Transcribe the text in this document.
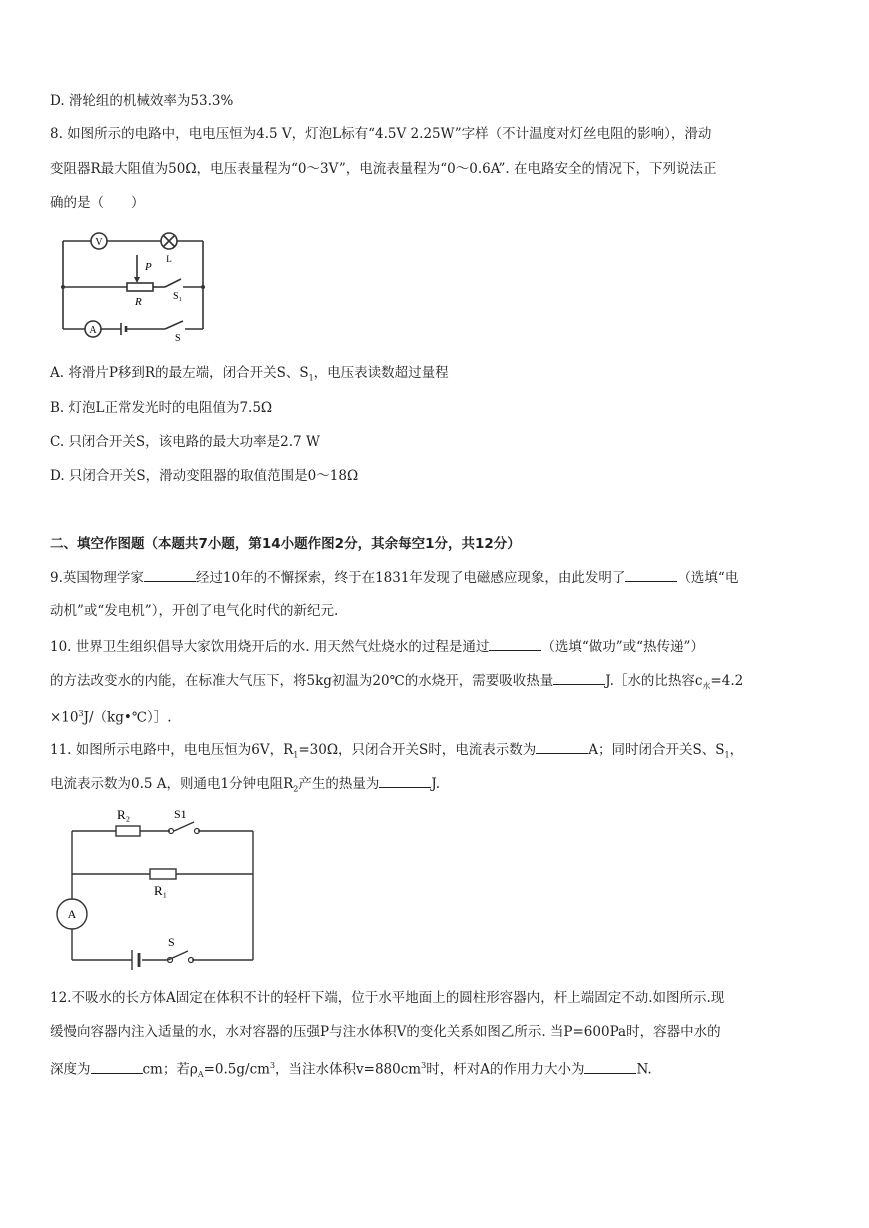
D. 滑轮组的机械效率为53.3%
8. 如图所示的电路中，电电压恒为4.5 V，灯泡L标有“4.5V 2.25W”字样（不计温度对灯丝电阻的影响），滑动
变阻器R最大阻值为50Ω，电压表量程为“0～3V”，电流表量程为“0～0.6A”. 在电路安全的情况下，下列说法正
确的是（　　）
V
L
P
R	S₁
A
S
A. 将滑片P移到R的最左端，闭合开关S、$S_1$，电压表读数超过量程
B. 灯泡L正常发光时的电阻值为7.5Ω
C. 只闭合开关S，该电路的最大功率是2.7 W
D. 只闭合开关S，滑动变阻器的取值范围是0～18Ω
二、填空作图题（本题共7小题，第14小题作图2分，其余每空1分，共12分）
9.英国物理学家	经过10年的不懈探索，终于在1831年发现了电磁感应现象，由此发明了	（选填“电
动机”或“发电机”），开创了电气化时代的新纪元.
10. 世界卫生组织倡导大家饮用烧开后的水. 用天然气灶烧水的过程是通过	（选填“做功”或“热传递”）
的方法改变水的内能，在标准大气压下，将5kg初温为20℃的水烧开，需要吸收热量	J.［水的比热容$c_水=4.2$
$\times 10^3J/(kg•℃)]$.
11. 如图所示电路中，电电压恒为6V，$R_1=30\Omega$，只闭合开关S时，电流表示数为	A；同时闭合开关S、$S_1$，
电流表示数为0.5 A，则通电1分钟电阻$R_2$产生的热量为	J.
R₂	S1
R₁
A
S
12.不吸水的长方体A固定在体积不计的轻杆下端，位于水平地面上的圆柱形容器内，杆上端固定不动.如图所示.现
缓慢向容器内注入适量的水，水对容器的压强P与注水体积V的变化关系如图乙所示. 当P=600Pa时，容器中水的
深度为	cm；若$\rho_A=0.5g/cm^3$，当注水体积$v=880cm^3$时，杆对A的作用力大小为	N.
